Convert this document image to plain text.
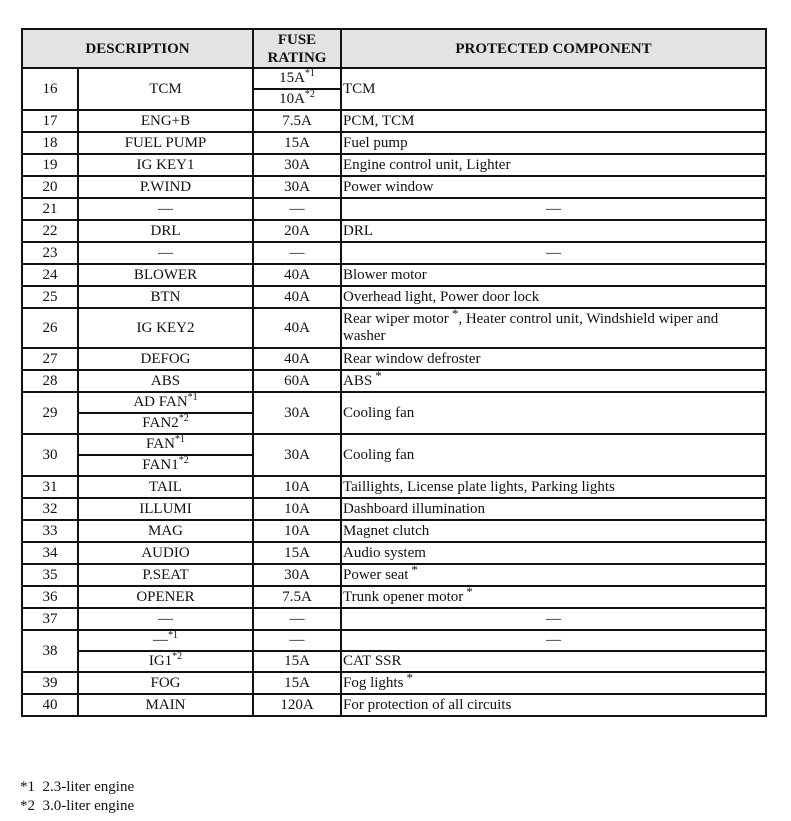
DESCRIPTION		FUSE
RATING	PROTECTED COMPONENT
16	TCM	$15A^{*1}$	TCM
		$10A^{*2}$
17	ENG+B	7.5A	PCM, TCM
18	FUEL PUMP	15A	Fuel pump
19	IG KEY1	30A	Engine control unit, Lighter
20	P.WIND	30A	Power window
21	—	—	—
22	DRL	20A	DRL
23	—	—	—
24	BLOWER	40A	Blower motor
25	BTN	40A	Overhead light, Power door lock
26	IG KEY2	40A	Rear wiper motor *, Heater control unit, Windshield wiper and washer
27	DEFOG	40A	Rear window defroster
28	ABS	60A	ABS *
29	AD FAN$^{*1}$	30A	Cooling fan
	FAN2$^{*2}$
30	FAN$^{*1}$	30A	Cooling fan
	FAN1$^{*2}$
31	TAIL	10A	Taillights, License plate lights, Parking lights
32	ILLUMI	10A	Dashboard illumination
33	MAG	10A	Magnet clutch
34	AUDIO	15A	Audio system
35	P.SEAT	30A	Power seat *
36	OPENER	7.5A	Trunk opener motor *
37	—	—	—
38	—$^{*1}$	—	—
	IG1$^{*2}$	15A	CAT SSR
39	FOG	15A	Fog lights *
40	MAIN	120A	For protection of all circuits
*1 2.3-liter engine
*2 3.0-liter engine
